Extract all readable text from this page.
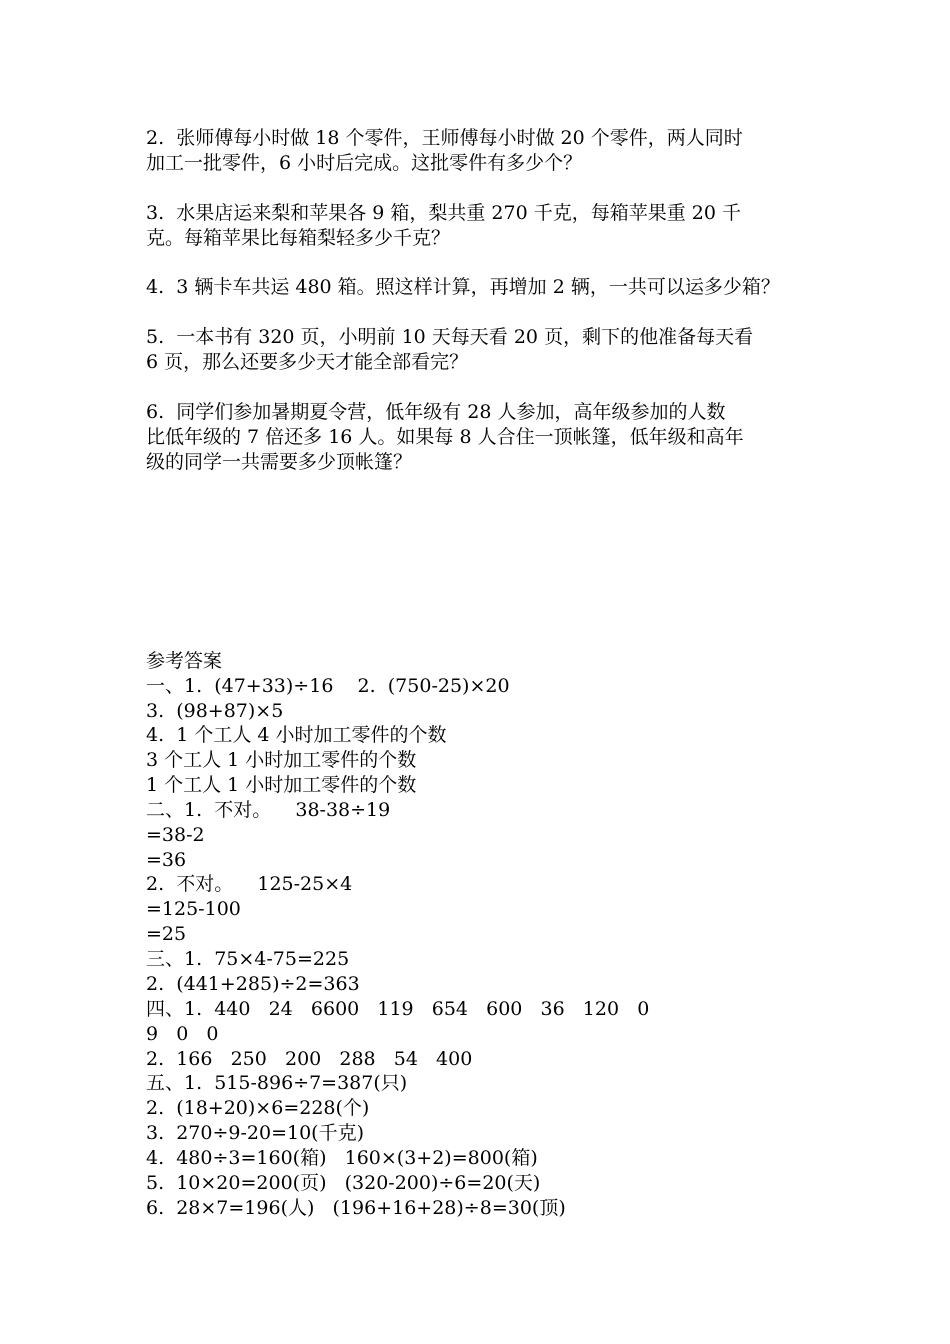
2.  张师傅每小时做 18 个零件，王师傅每小时做 20 个零件，两人同时
加工一批零件，6 小时后完成。这批零件有多少个？
3.  水果店运来梨和苹果各 9 箱，梨共重 270 千克，每箱苹果重 20 千
克。每箱苹果比每箱梨轻多少千克？
4.  3 辆卡车共运 480 箱。照这样计算，再增加 2 辆，一共可以运多少箱？
5.  一本书有 320 页，小明前 10 天每天看 20 页，剩下的他准备每天看
6 页，那么还要多少天才能全部看完？
6.  同学们参加暑期夏令营，低年级有 28 人参加，高年级参加的人数
比低年级的 7 倍还多 16 人。如果每 8 人合住一顶帐篷，低年级和高年
级的同学一共需要多少顶帐篷？
参考答案
一、1.  (47+33)÷16    2.  (750-25)×20
3.  (98+87)×5
4.  1 个工人 4 小时加工零件的个数
3 个工人 1 小时加工零件的个数
1 个工人 1 小时加工零件的个数
二、1.  不对。    38-38÷19
=38-2
=36
2.  不对。    125-25×4
=125-100
=25
三、1.  75×4-75=225
2.  (441+285)÷2=363
四、1.  440   24   6600   119   654   600   36   120   0
9   0   0
2.  166   250   200   288   54   400
五、1.  515-896÷7=387(只)
2.  (18+20)×6=228(个)
3.  270÷9-20=10(千克)
4.  480÷3=160(箱)   160×(3+2)=800(箱)
5.  10×20=200(页)   (320-200)÷6=20(天)
6.  28×7=196(人)   (196+16+28)÷8=30(顶)
